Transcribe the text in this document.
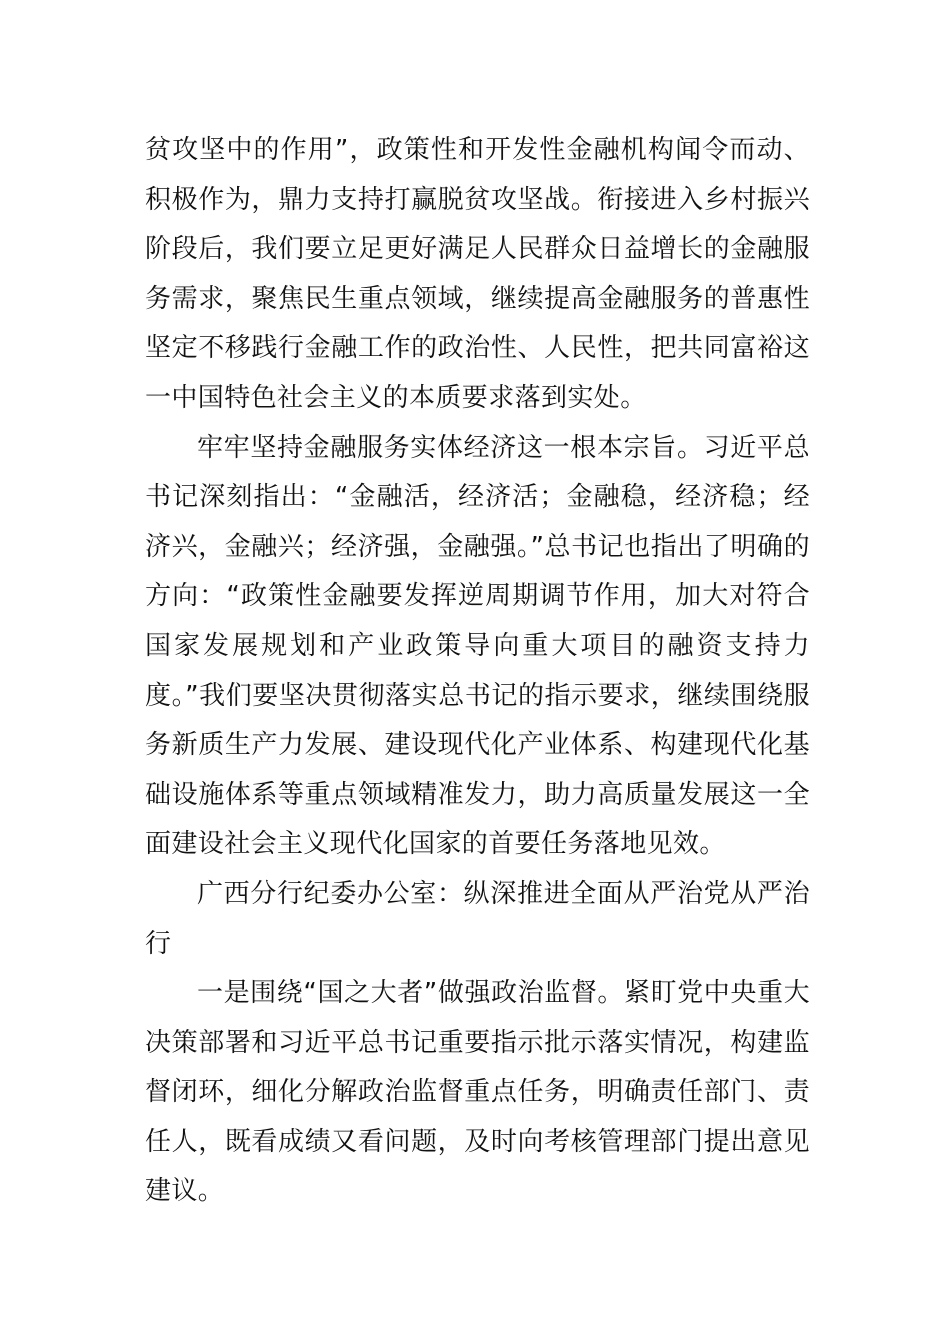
贫攻坚中的作用”，政策性和开发性金融机构闻令而动、积极作为，鼎力支持打赢脱贫攻坚战。衔接进入乡村振兴阶段后，我们要立足更好满足人民群众日益增长的金融服务需求，聚焦民生重点领域，继续提高金融服务的普惠性坚定不移践行金融工作的政治性、人民性，把共同富裕这一中国特色社会主义的本质要求落到实处。

牢牢坚持金融服务实体经济这一根本宗旨。习近平总书记深刻指出：“金融活，经济活；金融稳，经济稳；经济兴，金融兴；经济强，金融强。”总书记也指出了明确的方向：“政策性金融要发挥逆周期调节作用，加大对符合国家发展规划和产业政策导向重大项目的融资支持力度。”我们要坚决贯彻落实总书记的指示要求，继续围绕服务新质生产力发展、建设现代化产业体系、构建现代化基础设施体系等重点领域精准发力，助力高质量发展这一全面建设社会主义现代化国家的首要任务落地见效。

广西分行纪委办公室：纵深推进全面从严治党从严治行

一是围绕“国之大者”做强政治监督。紧盯党中央重大决策部署和习近平总书记重要指示批示落实情况，构建监督闭环，细化分解政治监督重点任务，明确责任部门、责任人，既看成绩又看问题，及时向考核管理部门提出意见建议。
